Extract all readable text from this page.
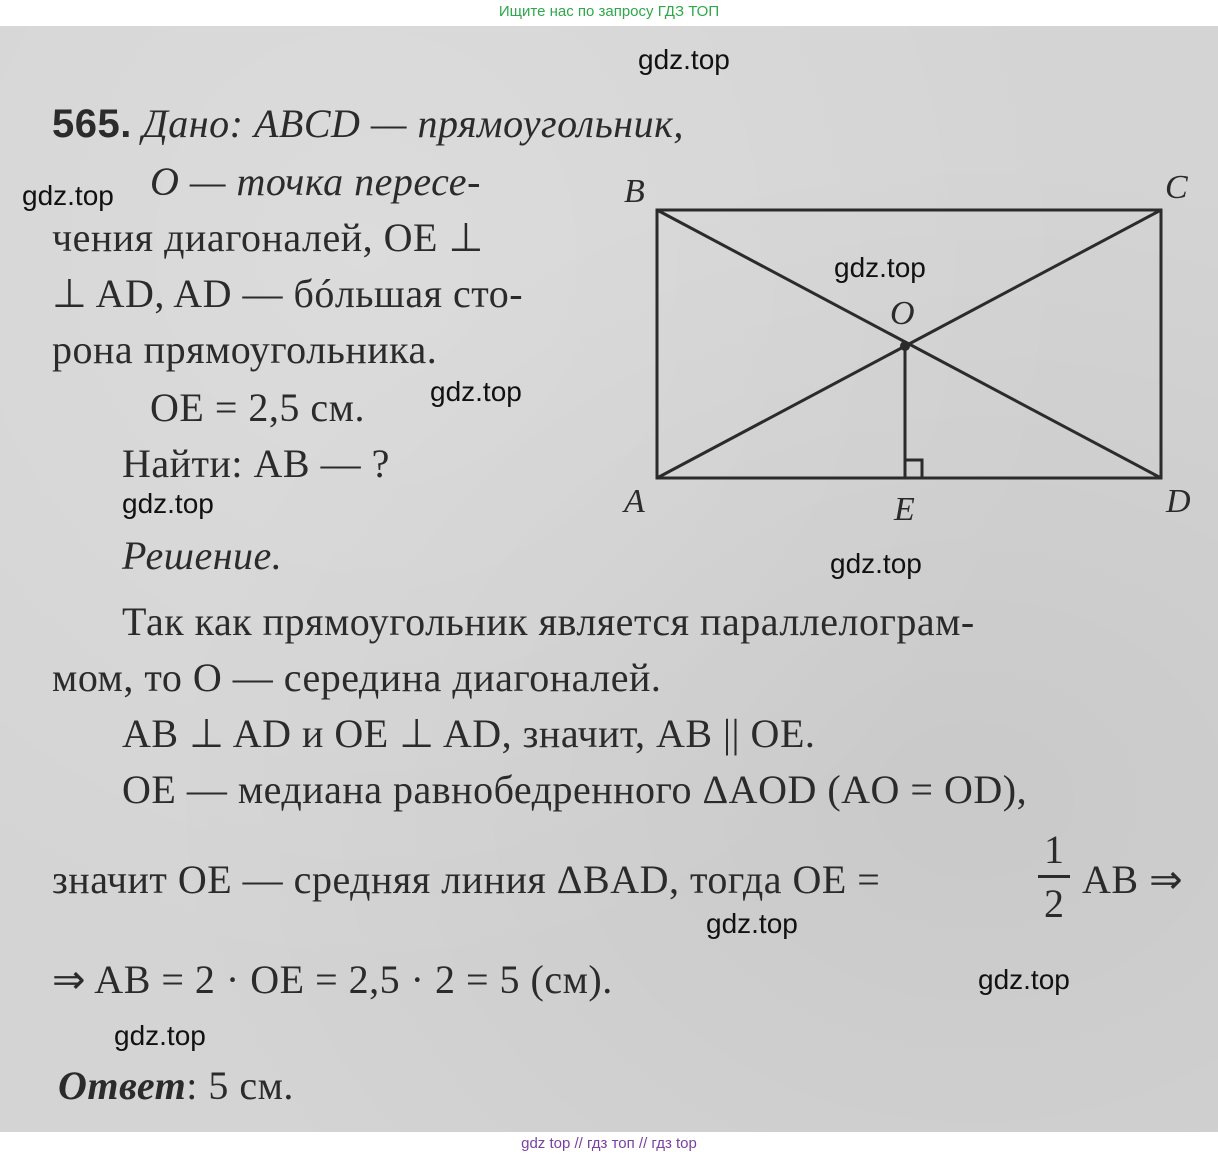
Ищите нас по запросу ГДЗ ТОП
565. Дано: ABCD — прямоугольник,
O — точка пересе-
чения диагоналей, OE ⊥
⊥ AD, AD — бóльшая сто-
рона прямоугольника.
OE = 2,5 см.
Найти: AB — ?
B	C
O
A	E	D
Решение.
Так как прямоугольник является параллелограм-
мом, то O — середина диагоналей.
AB ⊥ AD и OE ⊥ AD, значит, AB || OE.
OE — медиана равнобедренного ΔAOD (AO = OD),
значит OE — средняя линия ΔBAD, тогда OE =
1
2
AB ⇒
⇒ AB = 2 · OE = 2,5 · 2 = 5 (см).
Ответ: 5 см.
gdz.top
gdz.top
gdz.top
gdz.top
gdz.top
gdz.top
gdz.top
gdz.top
gdz.top
gdz top // гдз топ // гдз top
